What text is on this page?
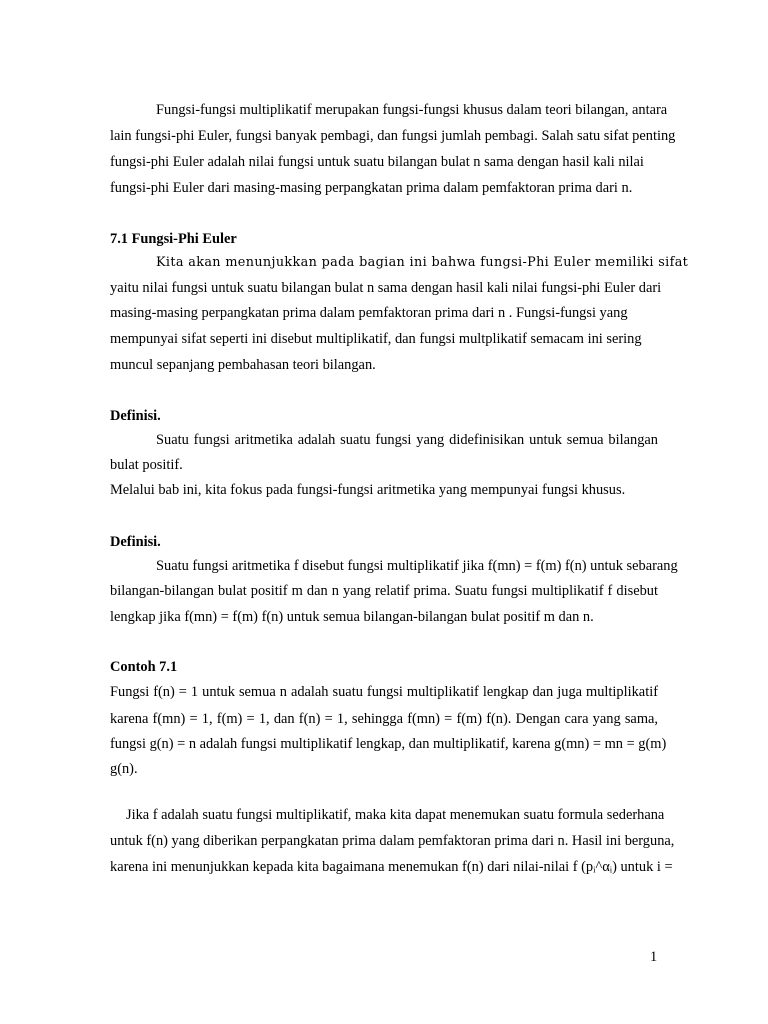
Fungsi-fungsi multiplikatif merupakan fungsi-fungsi khusus dalam teori bilangan, antara
lain fungsi-phi Euler, fungsi banyak pembagi, dan fungsi jumlah pembagi. Salah satu sifat penting
fungsi-phi Euler adalah nilai fungsi untuk suatu bilangan bulat n sama dengan hasil kali nilai
fungsi-phi Euler dari masing-masing perpangkatan prima dalam pemfaktoran prima dari n.
7.1 Fungsi-Phi Euler
Kita akan menunjukkan pada bagian ini bahwa fungsi-Phi Euler memiliki sifat
yaitu nilai fungsi untuk suatu bilangan bulat n sama dengan hasil kali nilai fungsi-phi Euler dari
masing-masing perpangkatan prima dalam pemfaktoran prima dari n . Fungsi-fungsi yang
mempunyai sifat seperti ini disebut multiplikatif, dan fungsi multplikatif semacam ini sering
muncul sepanjang pembahasan teori bilangan.
Definisi.
Suatu fungsi aritmetika adalah suatu fungsi yang didefinisikan untuk semua bilangan
bulat positif.
Melalui bab ini, kita fokus pada fungsi-fungsi aritmetika yang mempunyai fungsi khusus.
Definisi.
Suatu fungsi aritmetika f disebut fungsi multiplikatif jika f(mn) = f(m) f(n) untuk sebarang
bilangan-bilangan bulat positif m dan n yang relatif prima. Suatu fungsi multiplikatif f disebut
lengkap jika f(mn) = f(m) f(n) untuk semua bilangan-bilangan bulat positif m dan n.
Contoh 7.1
Fungsi f(n) = 1 untuk semua n adalah suatu fungsi multiplikatif lengkap dan juga multiplikatif
karena f(mn) = 1, f(m) = 1, dan f(n) = 1, sehingga f(mn) = f(m) f(n). Dengan cara yang sama,
fungsi g(n) = n adalah fungsi multiplikatif lengkap, dan multiplikatif, karena g(mn) = mn = g(m)
g(n).
Jika f adalah suatu fungsi multiplikatif, maka kita dapat menemukan suatu formula sederhana
untuk f(n) yang diberikan perpangkatan prima dalam pemfaktoran prima dari n. Hasil ini berguna,
karena ini menunjukkan kepada kita bagaimana menemukan f(n) dari nilai-nilai f (pᵢ^αᵢ) untuk i =
1
